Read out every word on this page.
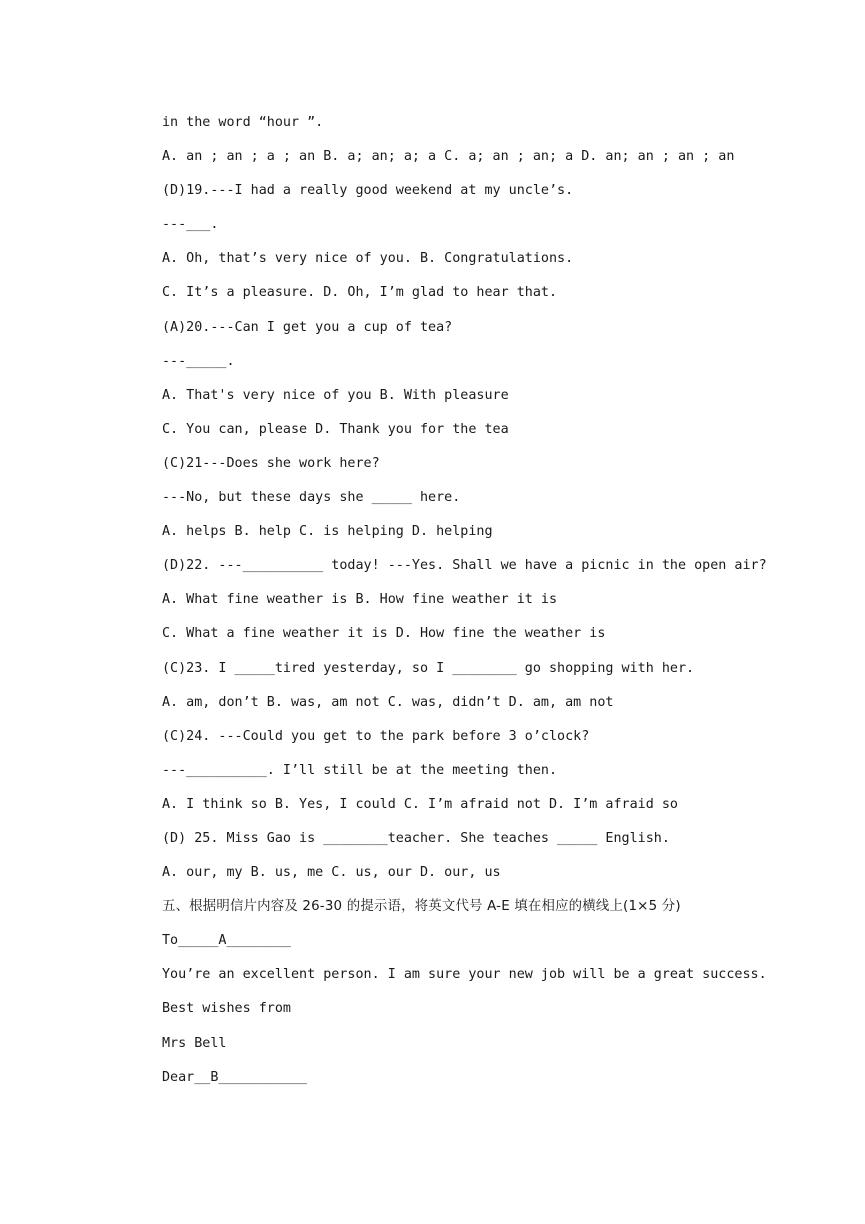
in the word “hour ”.
A. an ; an ; a ; an B. a; an; a; a C. a; an ; an; a D. an; an ; an ; an
(D)19.---I had a really good weekend at my uncle’s.
---___.
A. Oh, that’s very nice of you. B. Congratulations.
C. It’s a pleasure. D. Oh, I’m glad to hear that.
(A)20.---Can I get you a cup of tea?
---_____.
A. That's very nice of you B. With pleasure
C. You can, please D. Thank you for the tea
(C)21---Does she work here?
---No, but these days she _____ here.
A. helps B. help C. is helping D. helping
(D)22. ---__________ today! ---Yes. Shall we have a picnic in the open air?
A. What fine weather is B. How fine weather it is
C. What a fine weather it is D. How fine the weather is
(C)23. I _____tired yesterday, so I ________ go shopping with her.
A. am, don’t B. was, am not C. was, didn’t D. am, am not
(C)24. ---Could you get to the park before 3 o’clock?
---__________. I’ll still be at the meeting then.
A. I think so B. Yes, I could C. I’m afraid not D. I’m afraid so
(D) 25. Miss Gao is ________teacher. She teaches _____ English.
A. our, my B. us, me C. us, our D. our, us
五、根据明信片内容及 26-30 的提示语，将英文代号 A-E 填在相应的横线上(1×5 分)
To_____A________
You’re an excellent person. I am sure your new job will be a great success.
Best wishes from
Mrs Bell
Dear__B___________
